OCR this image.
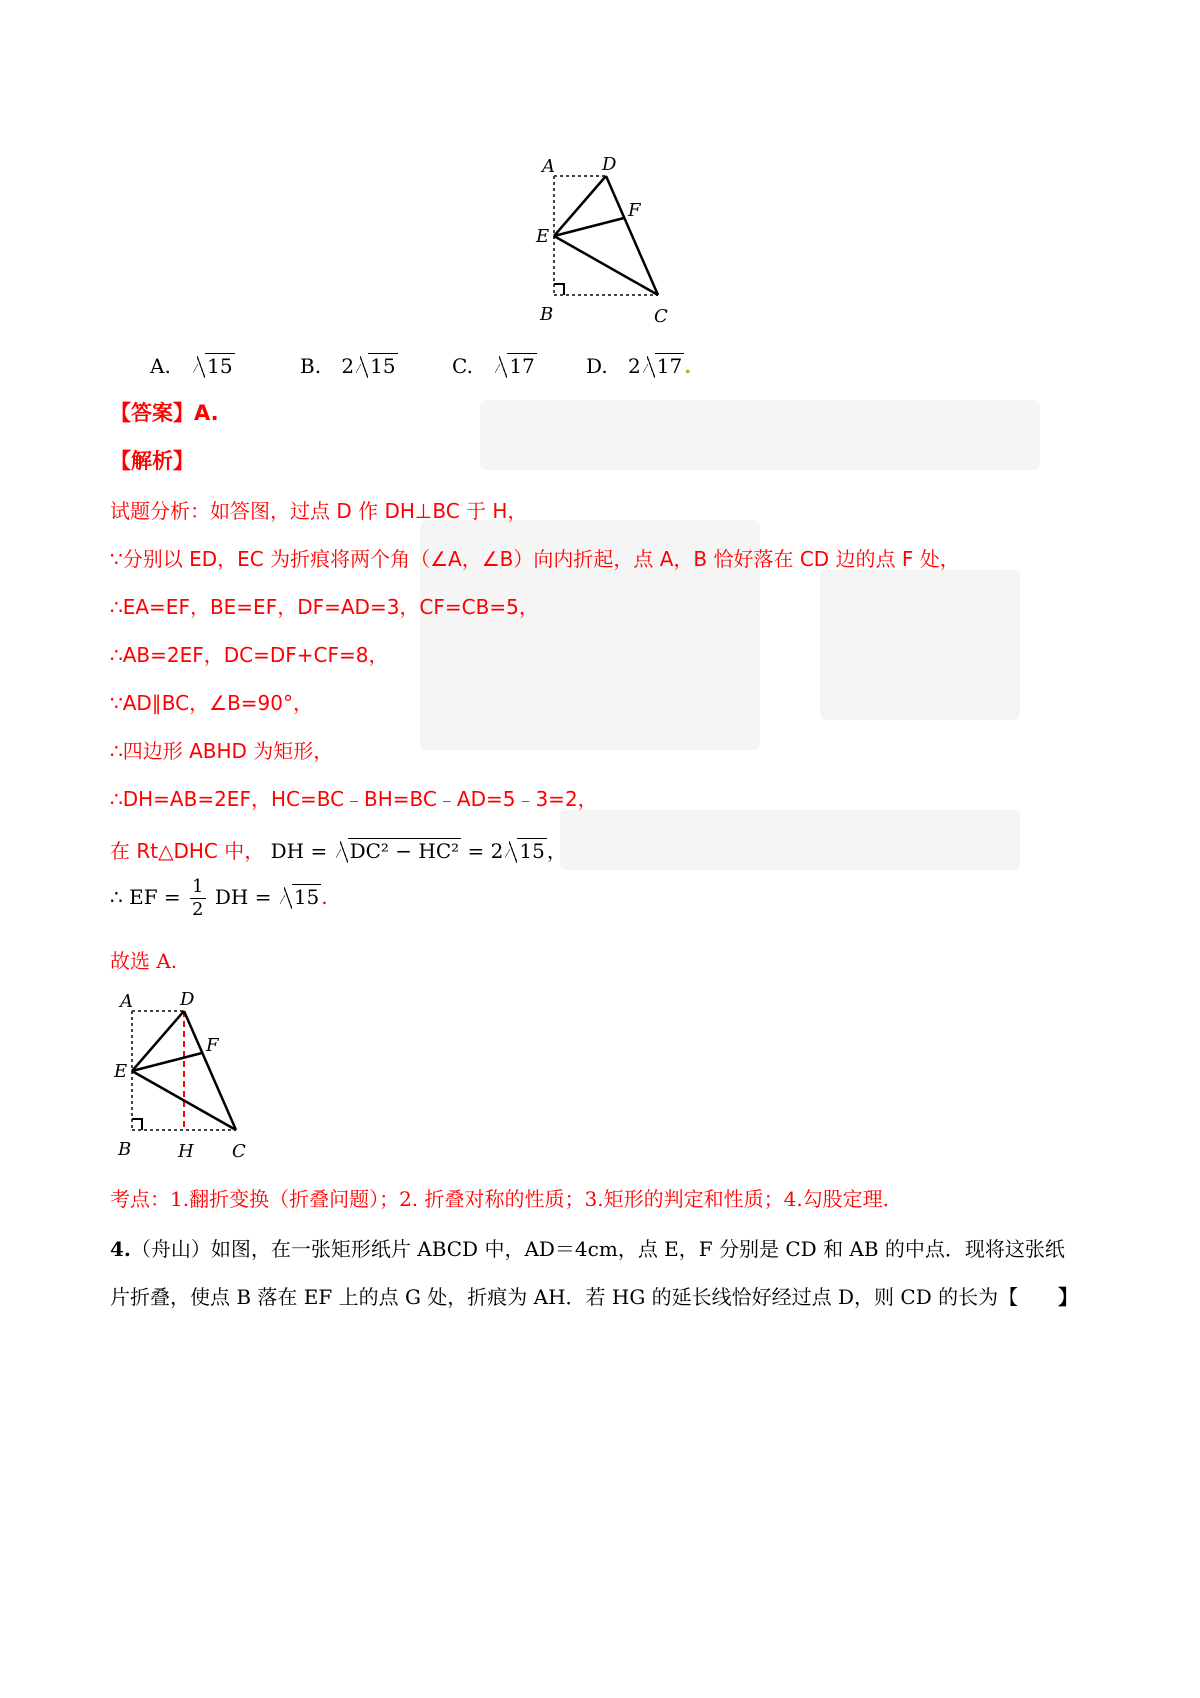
A	D
F
E
B	C
A. 15	B. 2 15	C. 17	D. 2 17 .
【答案】A.
【解析】
试题分析：如答图，过点 D 作 DH⊥BC 于 H，
∵分别以 ED，EC 为折痕将两个角（∠A，∠B）向内折起，点 A，B 恰好落在 CD 边的点 F 处，
∴EA=EF，BE=EF，DF=AD=3，CF=CB=5，
∴AB=2EF，DC=DF+CF=8，
∵AD∥BC，∠B=90°，
∴四边形 ABHD 为矩形，
∴DH=AB=2EF，HC=BC﹣BH=BC﹣AD=5﹣3=2，
在 Rt△DHC 中， DH = DC² − HC² = 2 15 ，
∴ EF = $\frac{1}{2}$ DH = 15 .
故选 A.
A	D
F
E
B	H C
考点：1.翻折变换（折叠问题）；2. 折叠对称的性质；3.矩形的判定和性质；4.勾股定理.
4.（舟山）如图，在一张矩形纸片 ABCD 中，AD＝4cm，点 E，F 分别是 CD 和 AB 的中点．现将这张纸
片折叠，使点 B 落在 EF 上的点 G 处，折痕为 AH．若 HG 的延长线恰好经过点 D，则 CD 的长为【 】
